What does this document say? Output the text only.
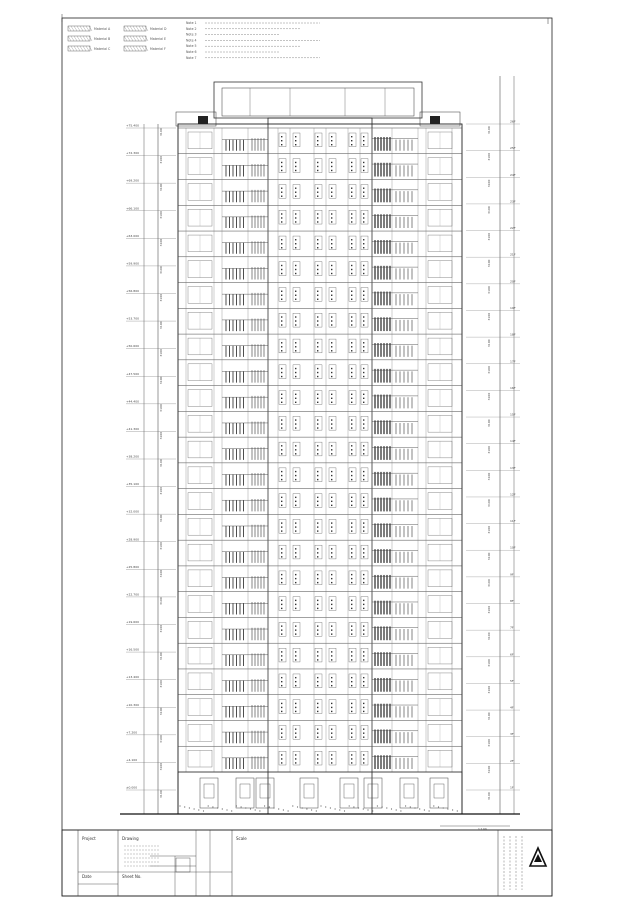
Material A
Material B
Material C
Material D
Material E
Material F
Note 1
Note 2
Note 3
Note 4
Note 5
Note 6
Note 7
+75.400
3100
+72.300
3100
+69.200
3100
+66.100
3100
+63.000
3100
+59.900
3100
+56.800
3100
+53.700
3100
+50.600
3100
+47.500
3100
+44.400
3100
+41.300
3100
+38.200
3100
+35.100
3100
+32.000
3100
+28.900
3100
+25.800
3100
+22.700
3100
+19.600
3100
+16.500
3100
+13.400
3100
+10.300
3100
+7.200
3100
+4.100
3100
±0.000
3100
26F
3100
25F
3100
24F
3100
23F
3100
22F
3100
21F
3100
20F
3100
19F
3100
18F
3100
17F
3100
16F
3100
15F
3100
14F
3100
13F
3100
12F
3100
11F
3100
10F
3100
9F
3100
8F
3100
7F
3100
6F
3100
5F
3100
4F
3100
3F
3100
2F
3100
1F
3100
1:100
Project	Drawing	Scale
Date	Sheet No.
